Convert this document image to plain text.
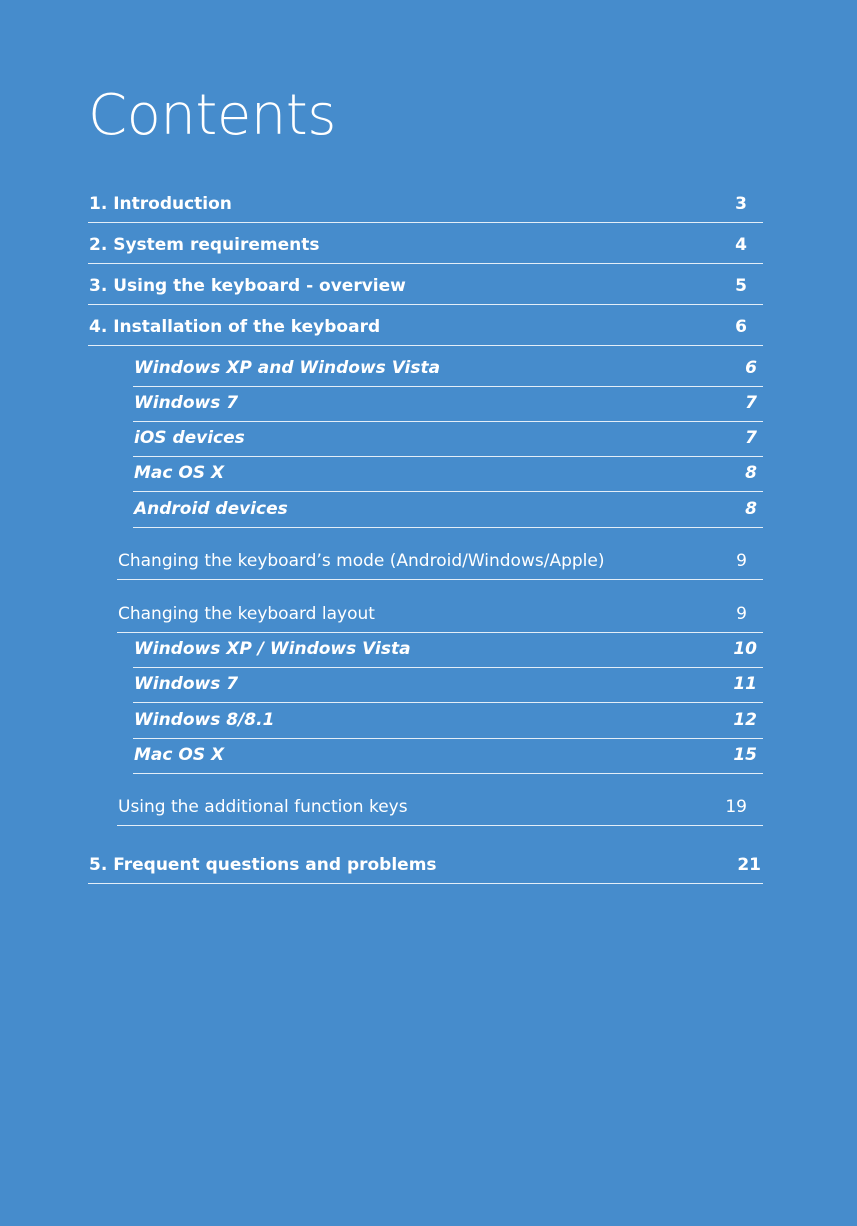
Contents
1. Introduction	3
2. System requirements	4
3. Using the keyboard - overview	5
4. Installation of the keyboard	6
Windows XP and Windows Vista	6
Windows 7	7
iOS devices	7
Mac OS X	8
Android devices	8
Changing the keyboard’s mode (Android/Windows/Apple)	9
Changing the keyboard layout	9
Windows XP / Windows Vista	10
Windows 7	11
Windows 8/8.1	12
Mac OS X	15
Using the additional function keys	19
5. Frequent questions and problems	21
